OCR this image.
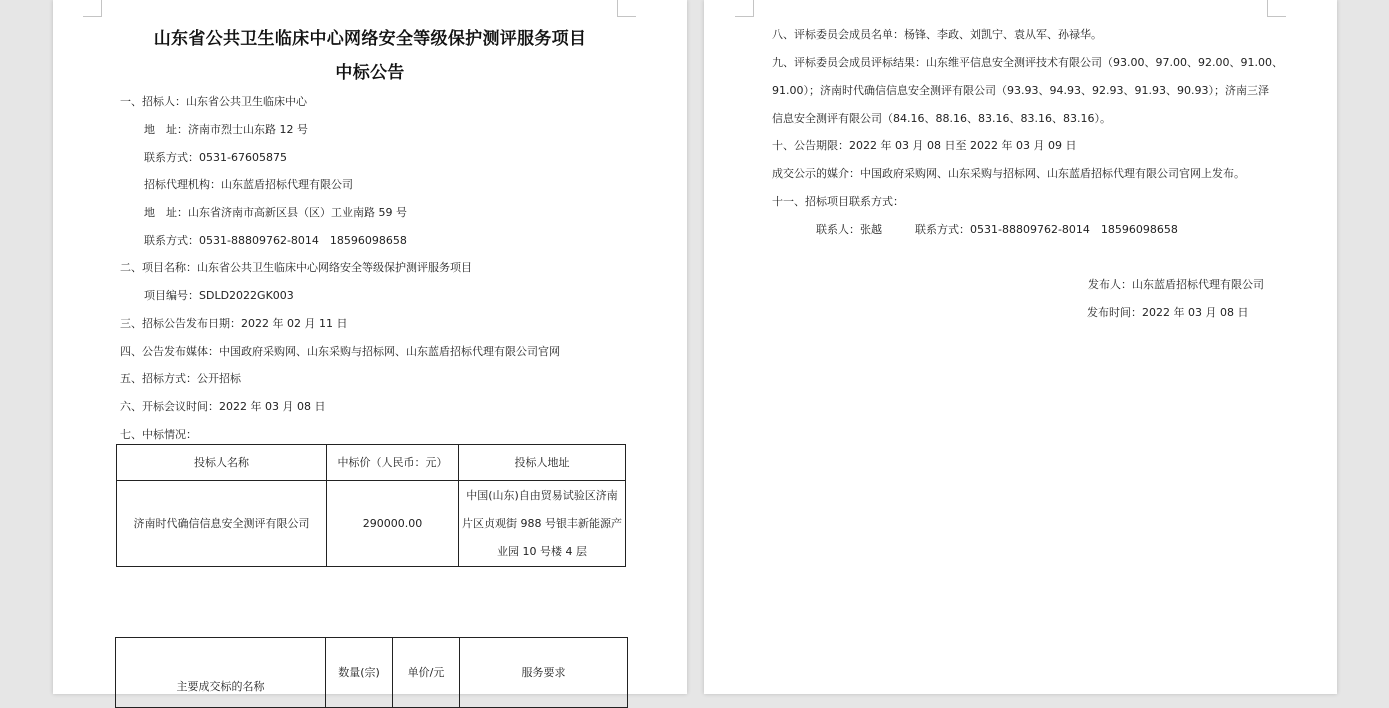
山东省公共卫生临床中心网络安全等级保护测评服务项目
中标公告
一、招标人：山东省公共卫生临床中心
地　址：济南市烈士山东路 12 号
联系方式：0531-67605875
招标代理机构：山东蓝盾招标代理有限公司
地　址：山东省济南市高新区县（区）工业南路 59 号
联系方式：0531-88809762-8014　18596098658
二、项目名称：山东省公共卫生临床中心网络安全等级保护测评服务项目
项目编号：SDLD2022GK003
三、招标公告发布日期：2022 年 02 月 11 日
四、公告发布媒体：中国政府采购网、山东采购与招标网、山东蓝盾招标代理有限公司官网
五、招标方式：公开招标
六、开标会议时间：2022 年 03 月 08 日
七、中标情况：
投标人名称	中标价（人民币：元）	投标人地址
济南时代确信信息安全测评有限公司	290000.00	中国(山东)自由贸易试验区济南
片区贞观街 988 号银丰新能源产
业园 10 号楼 4 层
主要成交标的名称	数量(宗)	单价/元	服务要求
八、评标委员会成员名单：杨锋、李政、刘凯宁、袁从军、孙禄华。
九、评标委员会成员评标结果：山东维平信息安全测评技术有限公司（93.00、97.00、92.00、91.00、
91.00）；济南时代确信信息安全测评有限公司（93.93、94.93、92.93、91.93、90.93）；济南三泽
信息安全测评有限公司（84.16、88.16、83.16、83.16、83.16）。
十、公告期限：2022 年 03 月 08 日至 2022 年 03 月 09 日
成交公示的媒介：中国政府采购网、山东采购与招标网、山东蓝盾招标代理有限公司官网上发布。
十一、招标项目联系方式：
联系人：张越　　　联系方式：0531-88809762-8014　18596098658
发布人：山东蓝盾招标代理有限公司
发布时间：2022 年 03 月 08 日
